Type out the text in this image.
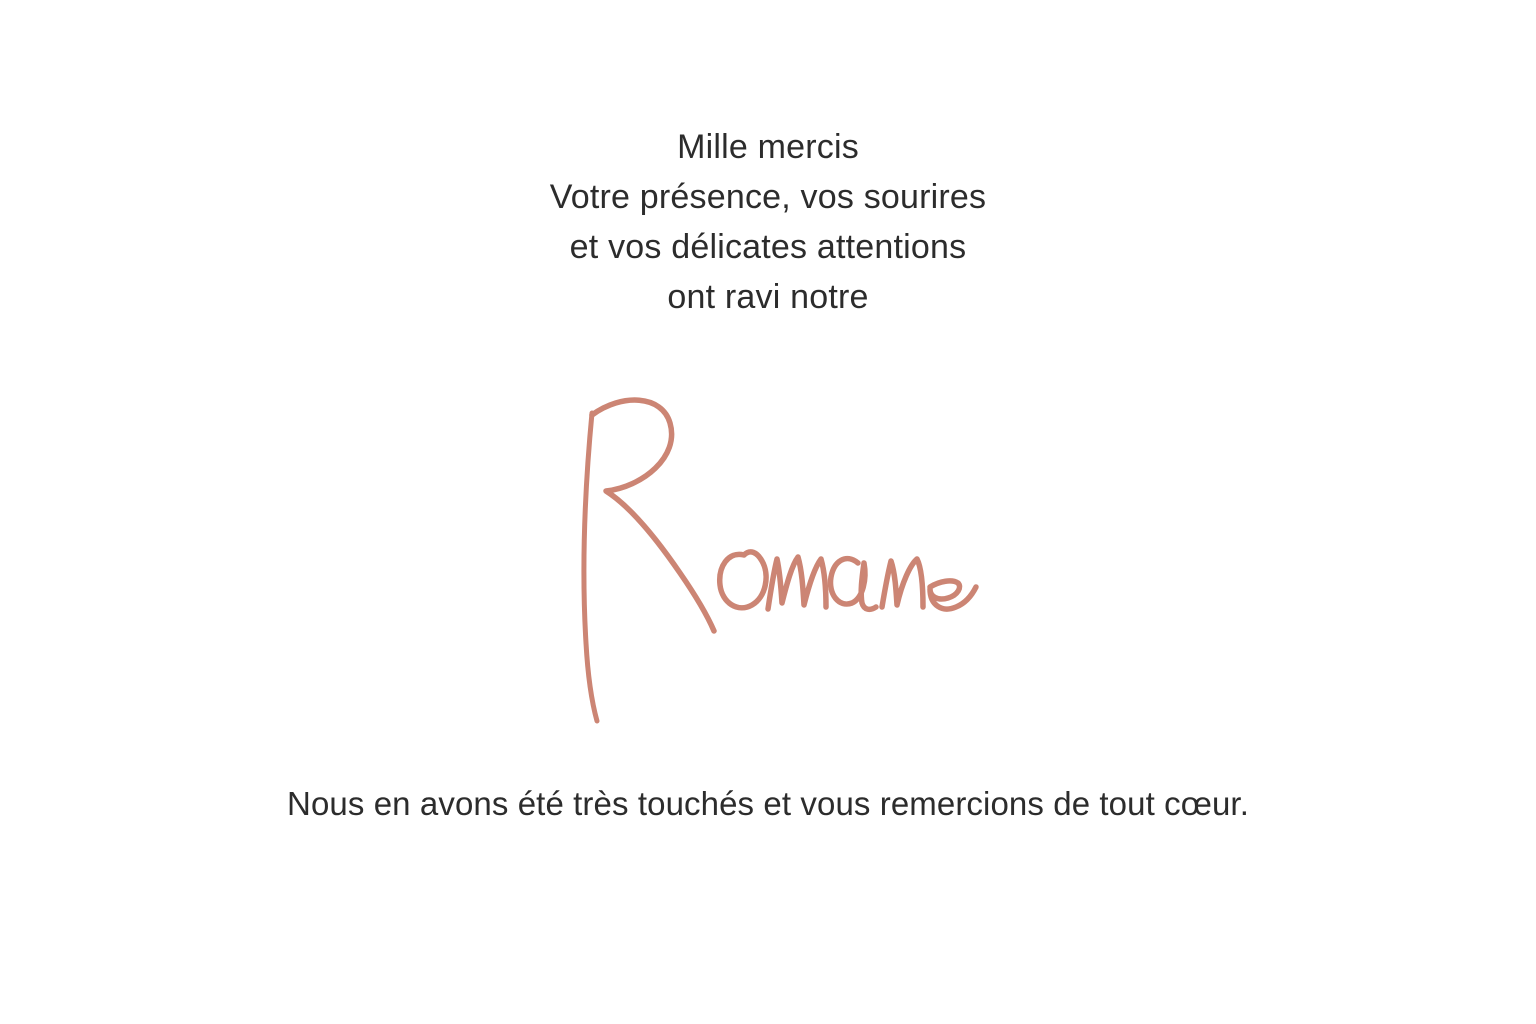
Mille mercis
Votre présence, vos sourires
et vos délicates attentions
ont ravi notre
Nous en avons été très touchés et vous remercions de tout cœur.
